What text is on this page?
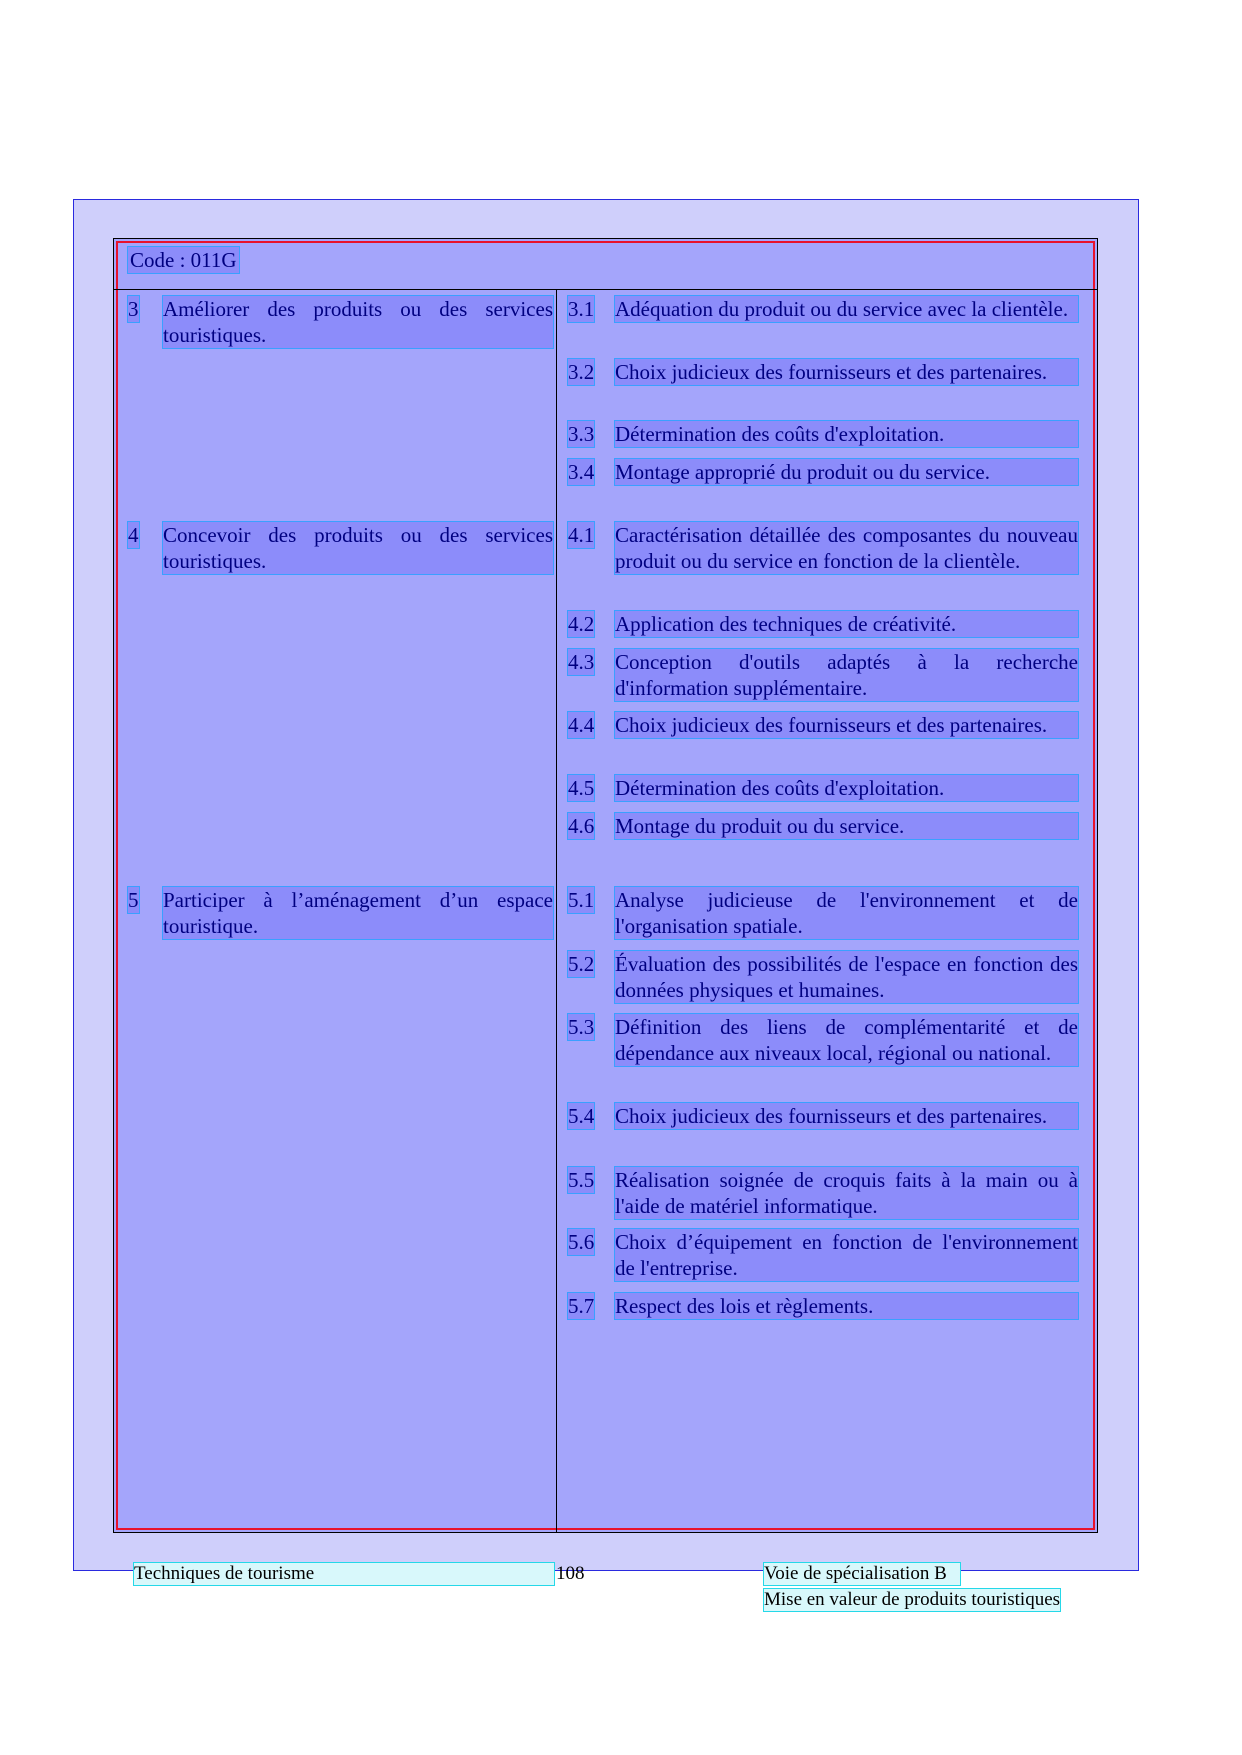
Code : 011G
3 Améliorer des produits ou des services touristiques.
3.1 Adéquation du produit ou du service avec la clientèle.
3.2 Choix judicieux des fournisseurs et des partenaires.
3.3 Détermination des coûts d'exploitation.
3.4 Montage approprié du produit ou du service.
4 Concevoir des produits ou des services touristiques.
4.1 Caractérisation détaillée des composantes du nouveau produit ou du service en fonction de la clientèle.
4.2 Application des techniques de créativité.
4.3 Conception d'outils adaptés à la recherche d'information supplémentaire.
4.4 Choix judicieux des fournisseurs et des partenaires.
4.5 Détermination des coûts d'exploitation.
4.6 Montage du produit ou du service.
5 Participer à l’aménagement d’un espace touristique.
5.1 Analyse judicieuse de l'environnement et de l'organisation spatiale.
5.2 Évaluation des possibilités de l'espace en fonction des données physiques et humaines.
5.3 Définition des liens de complémentarité et de dépendance aux niveaux local, régional ou national.
5.4 Choix judicieux des fournisseurs et des partenaires.
5.5 Réalisation soignée de croquis faits à la main ou à l'aide de matériel informatique.
5.6 Choix d’équipement en fonction de l'environnement de l'entreprise.
5.7 Respect des lois et règlements.
Techniques de tourisme	108	Voie de spécialisation B
Mise en valeur de produits touristiques
